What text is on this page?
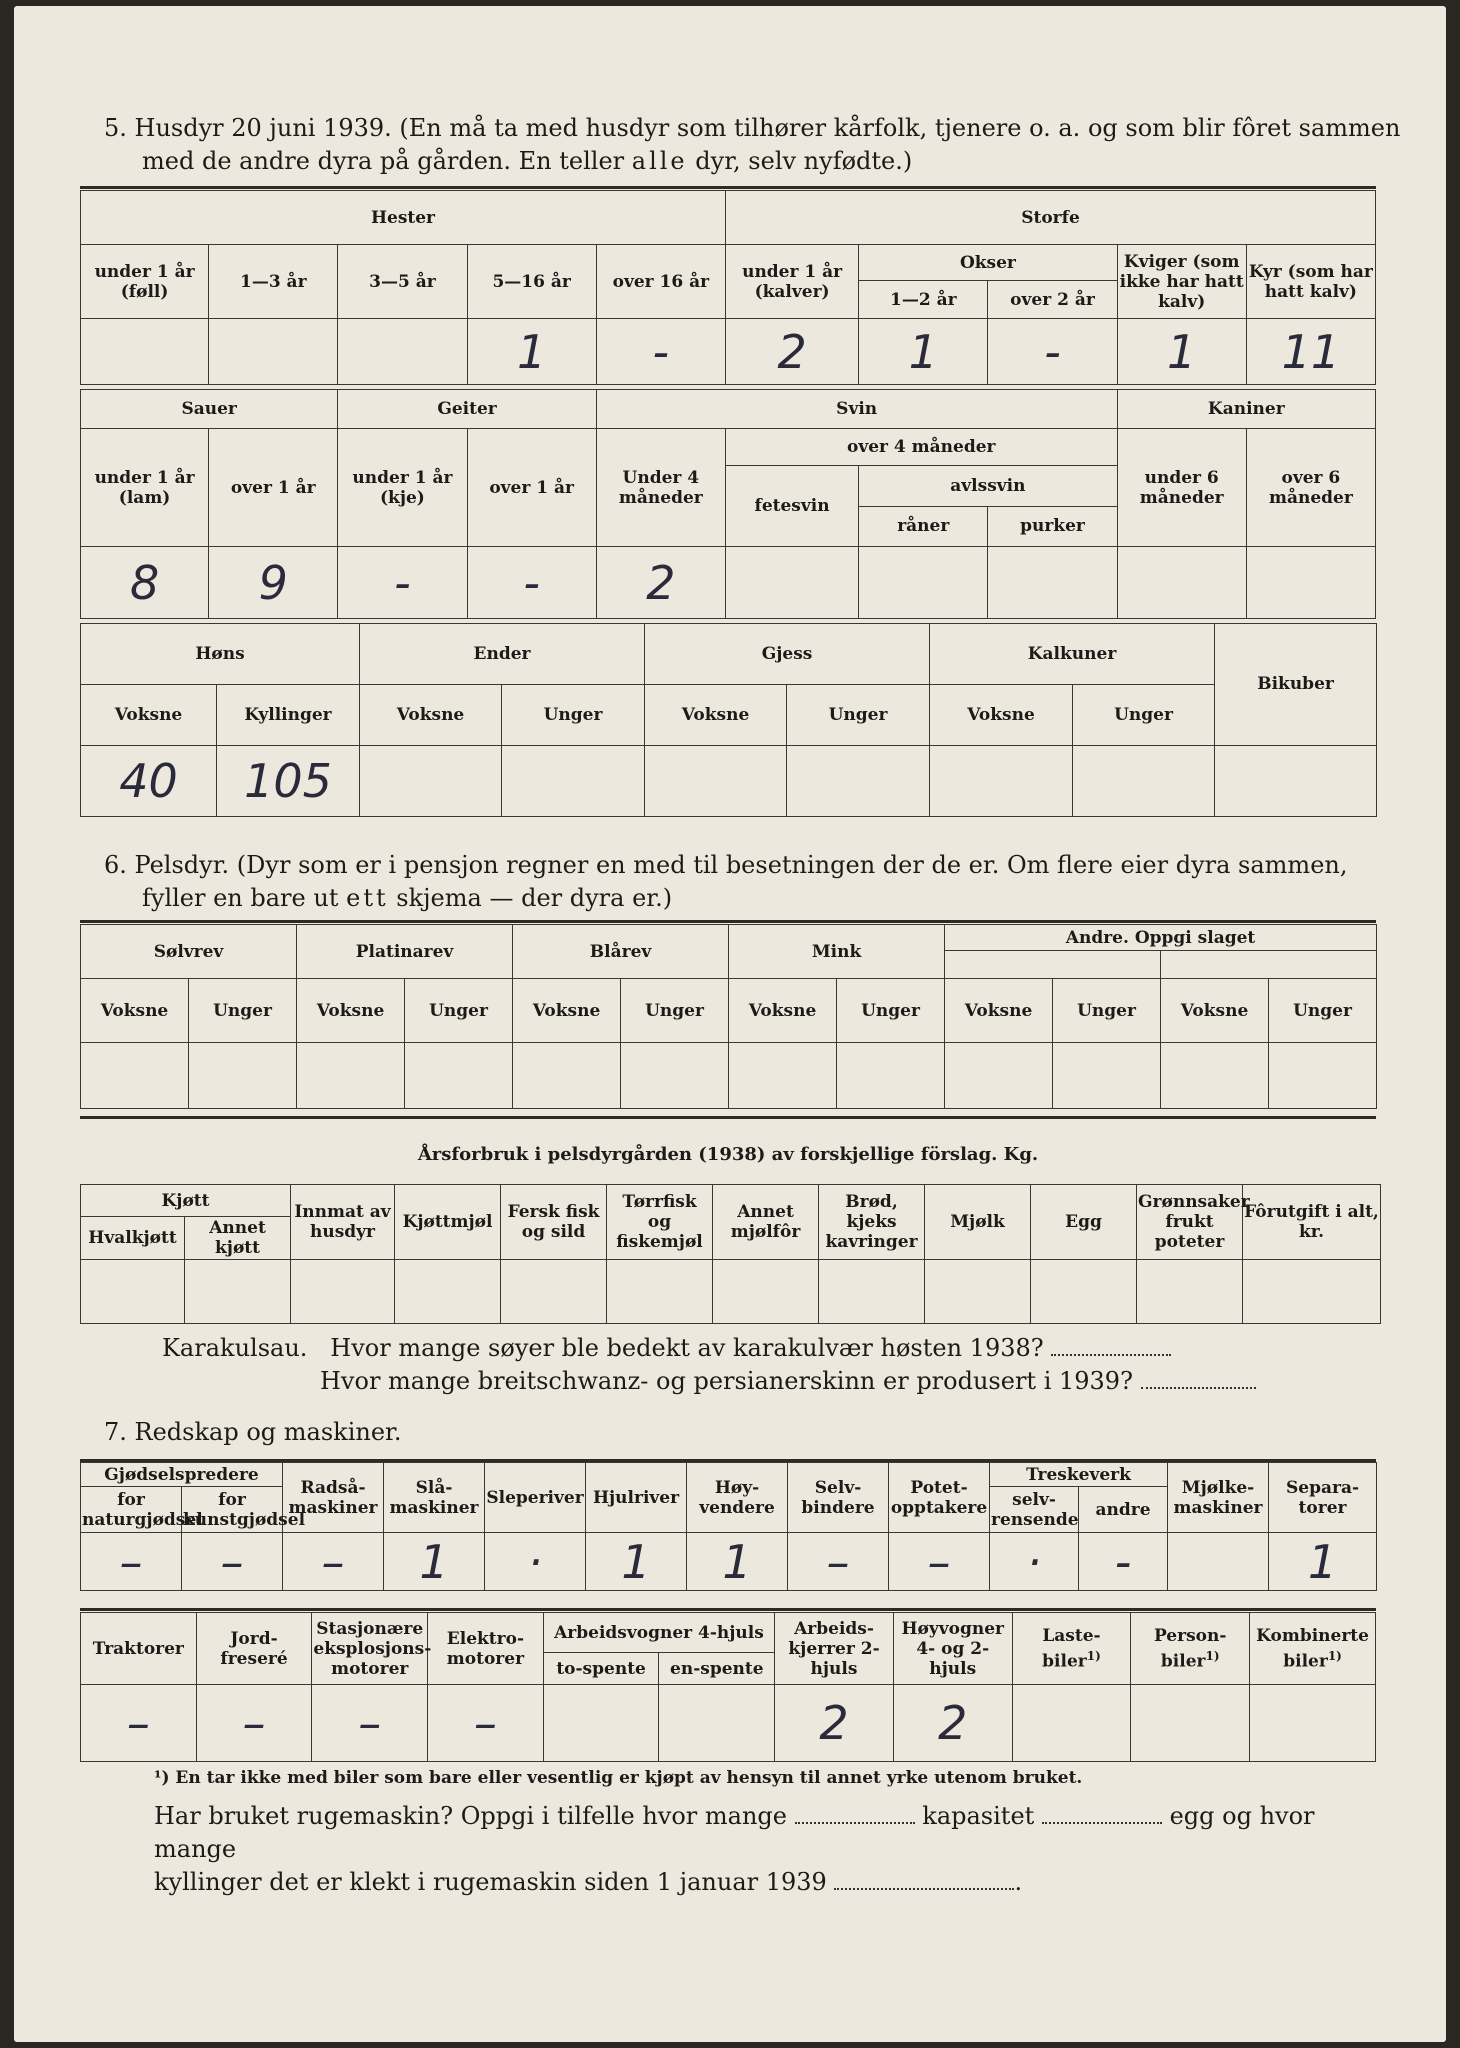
5. Husdyr 20 juni 1939. (En må ta med husdyr som tilhører kårfolk, tjenere o. a. og som blir fôret sammen
med de andre dyra på gården. En teller alle dyr, selv nyfødte.)
Hester					Storfe				
under 1 år (føll)	1—3 år	3—5 år	5—16 år	over 16 år	under 1 år (kalver)	Okser		Kviger (som ikke har hatt kalv)	Kyr (som har hatt kalv)
						1—2 år	over 2 år		
			1	-	2	1	-	1	11
Sauer		Geiter		Svin				Kaniner	
under 1 år (lam)	over 1 år	under 1 år (kje)	over 1 år	Under 4 måneder	over 4 måneder			under 6 måneder	over 6 måneder
					fetesvin	avlssvin			
						råner	purker		
8	9	-	-	2					
Høns		Ender		Gjess		Kalkuner		Bikuber
Voksne	Kyllinger	Voksne	Unger	Voksne	Unger	Voksne	Unger	
40	105							
6. Pelsdyr. (Dyr som er i pensjon regner en med til besetningen der de er. Om flere eier dyra sammen,
fyller en bare ut ett skjema — der dyra er.)
Sølvrev		Platinarev		Blårev		Mink		Andre. Oppgi slaget			

Voksne	Unger	Voksne	Unger	Voksne	Unger	Voksne	Unger	Voksne	Unger	Voksne	Unger

Årsforbruk i pelsdyrgården (1938) av forskjellige förslag. Kg.
Kjøtt		Innmat av husdyr	Kjøttmjøl	Fersk fisk og sild	Tørrfisk og fiskemjøl	Annet mjølfôr	Brød, kjeks kavringer	Mjølk	Egg	Grønnsaker frukt poteter	Fôrutgift i alt, kr.
Hvalkjøtt	Annet kjøtt										

Karakulsau. Hvor mange søyer ble bedekt av karakulvær høsten 1938?
Hvor mange breitschwanz- og persianerskinn er produsert i 1939?
7. Redskap og maskiner.
Gjødselspredere		Radså-maskiner	Slå-maskiner	Sleperiver	Hjulriver	Høy-vendere	Selv-bindere	Potet-opptakere	Treskeverk		Mjølke-maskiner	Separa-torer
for naturgjødsel	for kunstgjødsel								selv-rensende	andre		
–	–	–	1	·	1	1	–	–	·	-		1
Traktorer	Jord-freseré	Stasjonære eksplosjons-motorer	Elektro-motorer	Arbeidsvogner 4-hjuls		Arbeids-kjerrer 2-hjuls	Høyvogner 4- og 2-hjuls	Laste-biler$^{1)}$	Person-biler$^{1)}$	Kombinerte biler$^{1)}$
				to-spente	en-spente					
–	–	–	–			2	2			
¹) En tar ikke med biler som bare eller vesentlig er kjøpt av hensyn til annet yrke utenom bruket.
Har bruket rugemaskin? Oppgi i tilfelle hvor mange	kapasitet	egg og hvor mange
kyllinger det er klekt i rugemaskin siden 1 januar 1939	.
